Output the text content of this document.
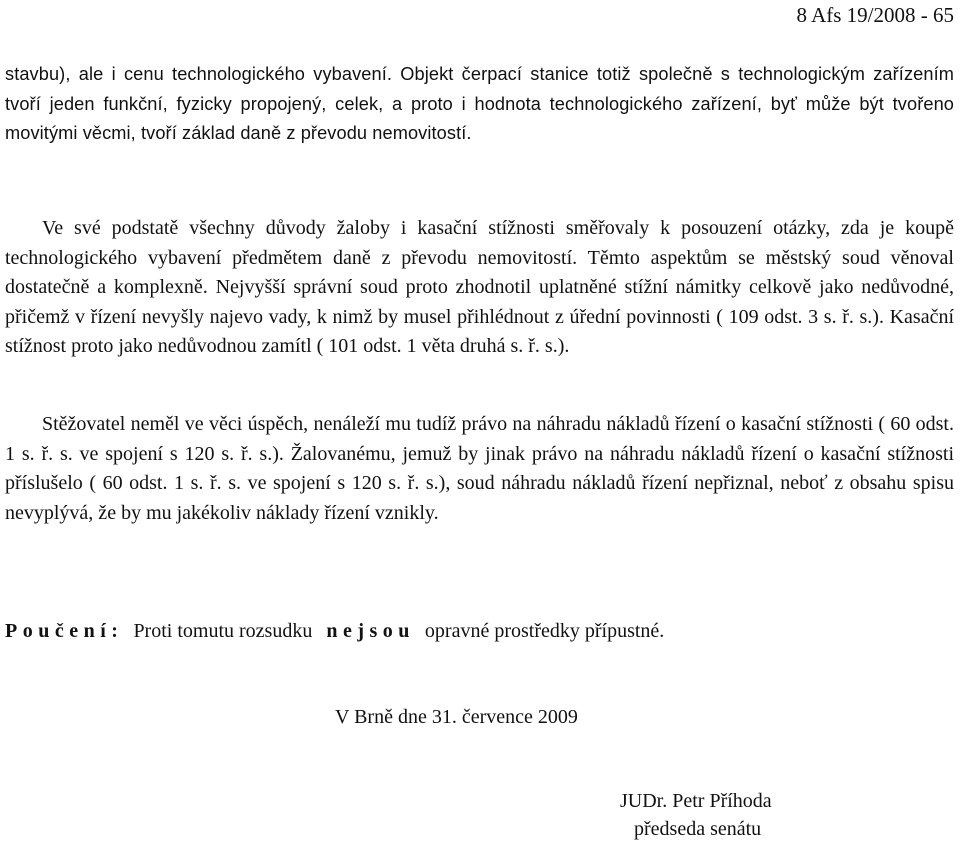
8 Afs 19/2008 - 65

stavbu), ale i cenu technologického vybavení. Objekt čerpací stanice totiž společně s technologickým zařízením tvoří jeden funkční, fyzicky propojený, celek, a proto i hodnota technologického zařízení, byť může být tvořeno movitými věcmi, tvoří základ daně z převodu nemovitostí.

Ve své podstatě všechny důvody žaloby i kasační stížnosti směřovaly k posouzení otázky, zda je koupě technologického vybavení předmětem daně z převodu nemovitostí. Těmto aspektům se městský soud věnoval dostatečně a komplexně. Nejvyšší správní soud proto zhodnotil uplatněné stížní námitky celkově jako nedůvodné, přičemž v řízení nevyšly najevo vady, k nimž by musel přihlédnout z úřední povinnosti ( 109 odst. 3 s. ř. s.). Kasační stížnost proto jako nedůvodnou zamítl ( 101 odst. 1 věta druhá s. ř. s.).

Stěžovatel neměl ve věci úspěch, nenáleží mu tudíž právo na náhradu nákladů řízení o kasační stížnosti ( 60 odst. 1 s. ř. s. ve spojení s 120 s. ř. s.). Žalovanému, jemuž by jinak právo na náhradu nákladů řízení o kasační stížnosti příslušelo ( 60 odst. 1 s. ř. s. ve spojení s 120 s. ř. s.), soud náhradu nákladů řízení nepřiznal, neboť z obsahu spisu nevyplývá, že by mu jakékoliv náklady řízení vznikly.

Poučení: Proti tomutu rozsudku nejsou opravné prostředky přípustné.
V Brně dne 31. července 2009
JUDr. Petr Příhoda
předseda senátu
